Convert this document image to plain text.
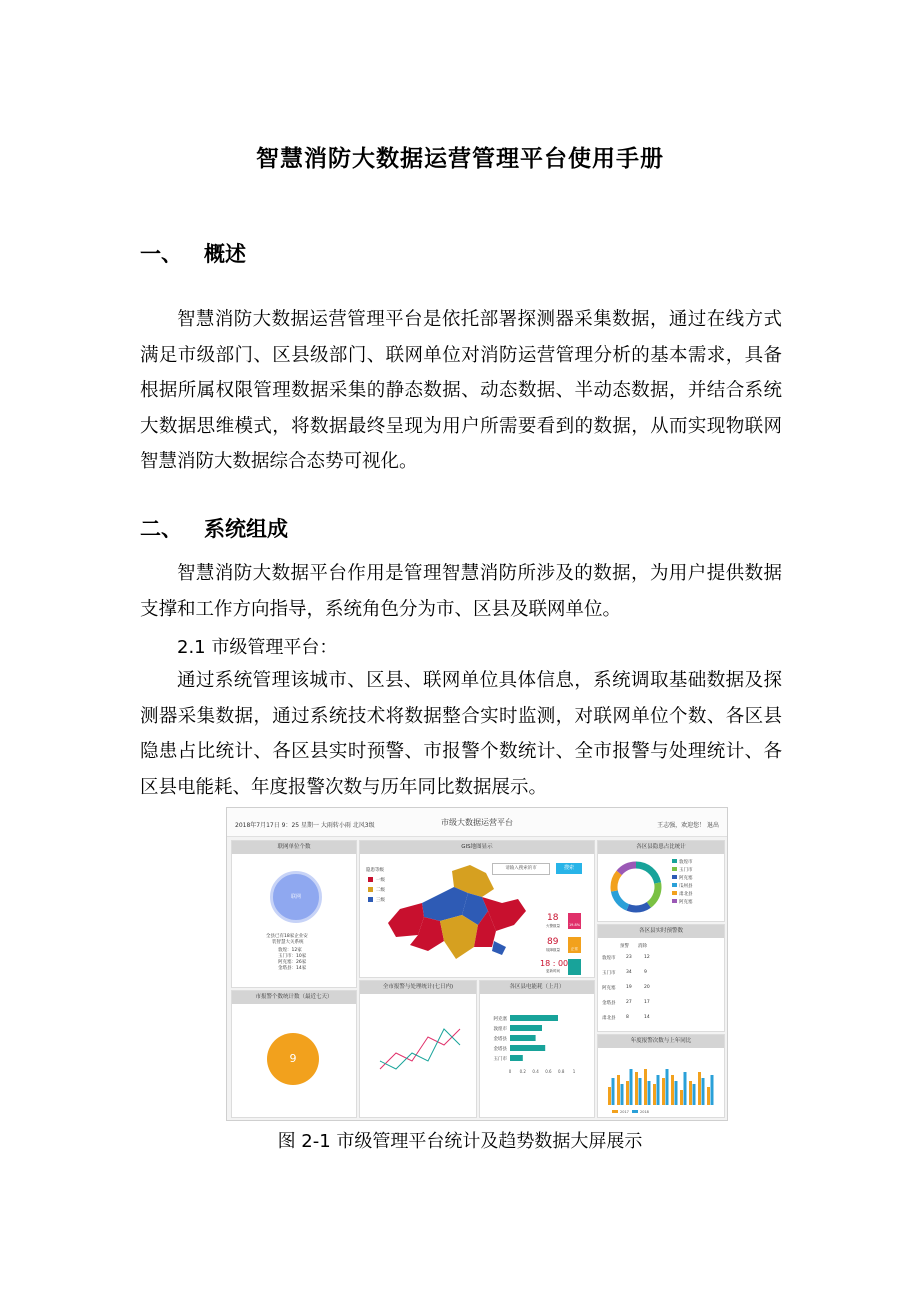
智慧消防大数据运营管理平台使用手册
一、 概述
智慧消防大数据运营管理平台是依托部署探测器采集数据，通过在线方式满足市级部门、区县级部门、联网单位对消防运营管理分析的基本需求，具备根据所属权限管理数据采集的静态数据、动态数据、半动态数据，并结合系统大数据思维模式，将数据最终呈现为用户所需要看到的数据，从而实现物联网智慧消防大数据综合态势可视化。
二、 系统组成
智慧消防大数据平台作用是管理智慧消防所涉及的数据，为用户提供数据支撑和工作方向指导，系统角色分为市、区县及联网单位。
2.1 市级管理平台：
通过系统管理该城市、区县、联网单位具体信息，系统调取基础数据及探测器采集数据，通过系统技术将数据整合实时监测，对联网单位个数、各区县隐患占比统计、各区县实时预警、市报警个数统计、全市报警与处理统计、各区县电能耗、年度报警次数与历年同比数据展示。
2018年7月17日 9：25 星期一 大雨转小雨 北风3级	市级大数据运营平台	王志强，欢迎您！ 退出
联网单位个数
联网
全县已有18家企业安
装智慧大关系统
敦煌：12家
玉门市：10家
阿克塞：26家
金塔县：14家
市报警个数统计数（最近七天）
9
GIS地图显示
请输入搜索的市	搜索
隐患等级
一级
二级
三级
18
火警数量	19.8%
89
故障数量	正常
18 : 00
更新时间
全市报警与处理统计(七日内)	各区县电能耗（上月）
阿克塞
敦煌市
金塔县
金塔县
玉门市
0 0.2 0.4 0.6 0.8 1
各区县隐患占比统计
敦煌市
玉门市
阿克塞
瓜州县
肃北县
阿克塞
各区县实时预警数
预警 消除
敦煌市 23	12
玉门市 34	9
阿克塞 19	20
金塔县 27	17
肃北县 8	14
年度报警次数与上年同比
2017	2018
图 2-1 市级管理平台统计及趋势数据大屏展示
